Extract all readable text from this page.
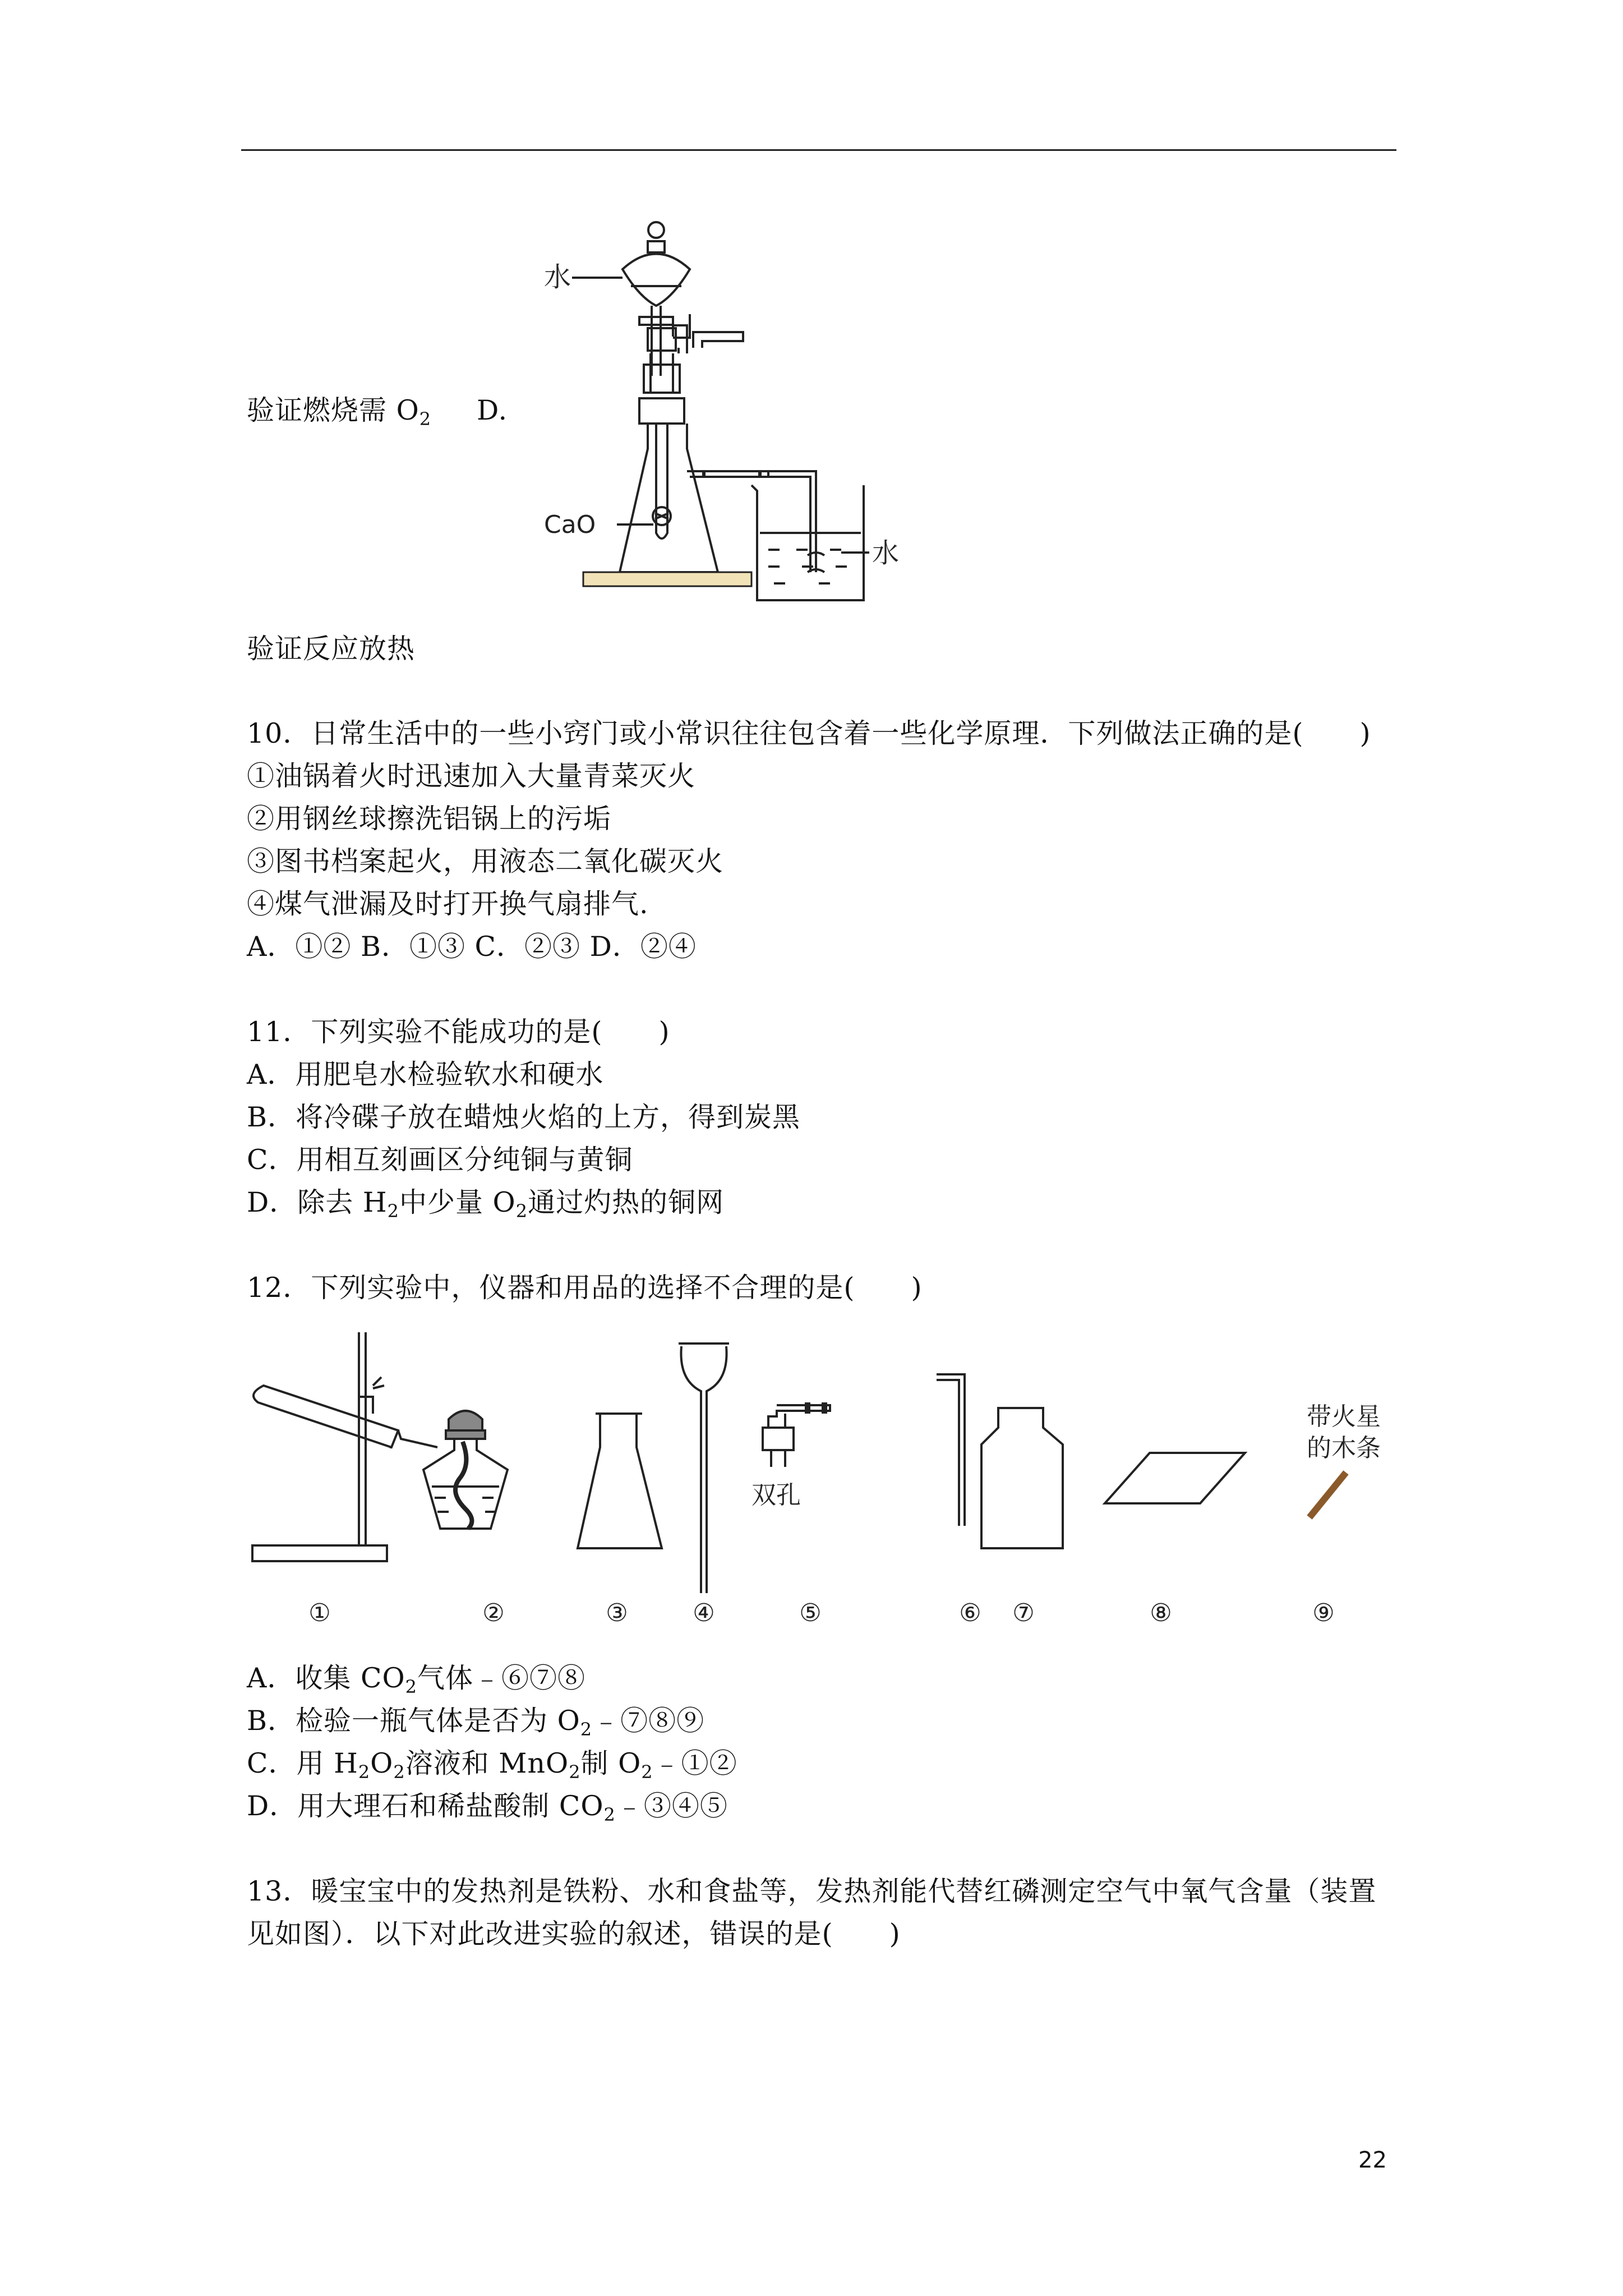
验证燃烧需 $O_2$ D.
水
CaO
水
验证反应放热
10．日常生活中的一些小窍门或小常识往往包含着一些化学原理．下列做法正确的是(　　)
①油锅着火时迅速加入大量青菜灭火
②用钢丝球擦洗铝锅上的污垢
③图书档案起火，用液态二氧化碳灭火
④煤气泄漏及时打开换气扇排气.
A．①② B．①③ C．②③ D．②④
11．下列实验不能成功的是(　　)
A．用肥皂水检验软水和硬水
B．将冷碟子放在蜡烛火焰的上方，得到炭黑
C．用相互刻画区分纯铜与黄铜
D．除去 $H_2$中少量 $O_2$通过灼热的铜网
12．下列实验中，仪器和用品的选择不合理的是(　　)
双孔
带火星
的木条
①	②	③	④	⑤	⑥ ⑦	⑧	⑨
A．收集 $CO_2$气体﹣⑥⑦⑧
B．检验一瓶气体是否为 $O_2﹣⑦⑧⑨$
C．用 $H_2O_2$溶液和 MnO$_2$制 $O_2﹣①②$
D．用大理石和稀盐酸制 $CO_2﹣③④⑤$
13．暖宝宝中的发热剂是铁粉、水和食盐等，发热剂能代替红磷测定空气中氧气含量（装置
见如图）．以下对此改进实验的叙述，错误的是(　　)
22
